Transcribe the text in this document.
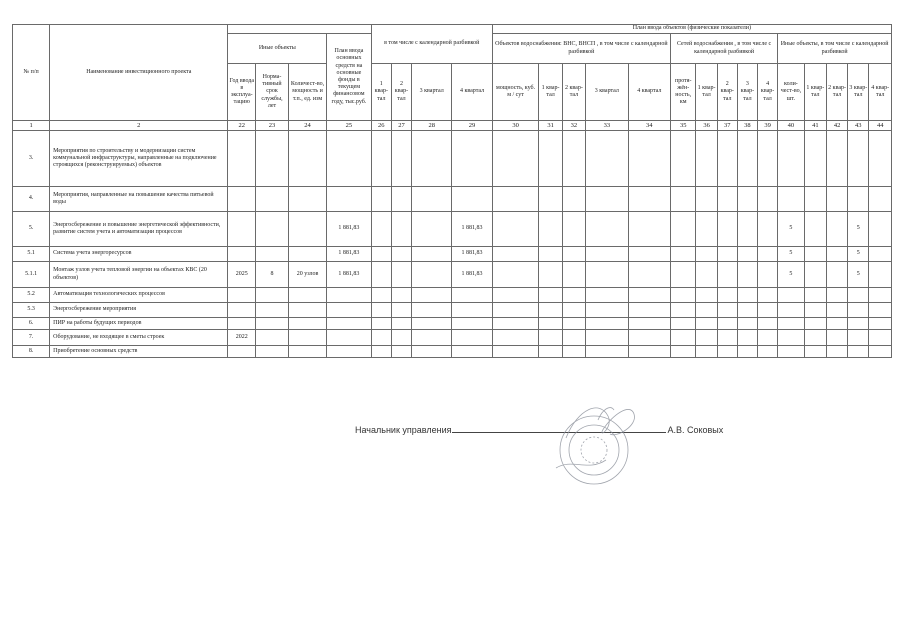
№ п/п	Наименование инвестиционного проекта					в том числе с календарной разбивкой				План ввода объектов (физические показатели)														
		Иные объекты			План ввода основных средств на основные фонды в текущем финансовом году, тыс.руб.					Объектов водоснабжения: ВНС, ВНСП , в том числе с календарной разбивкой					Сетей водоснабжения , в том числе с календарной разбивкой					Иные объекты, в том числе с календарной разбивкой				
		Год ввода в эксплуа-тацию	Норма-тивный срок службы, лет	Количест-во, мощность и т.п., ед. изм		1 квар-тал	2 квар-тал	3 квартал	4 квартал	мощность, куб. м / сут	1 квар-тал	2 квар-тал	3 квартал	4 квартал	протя-жён-ность, км	1 квар-тал	2 квар-тал	3 квар-тал	4 квар-тал	коли-чест-во, шт.	1 квар-тал	2 квар-тал	3 квар-тал	4 квар-тал
1	2	22	23	24	25	26	27	28	29	30	31	32	33	34	35	36	37	38	39	40	41	42	43	44
3.	Мероприятия по строительству и модернизации систем коммунальной инфраструктуры, направленные на подключение строящихся (реконструируемых) объектов																							
4.	Мероприятия, направленные на повышение качества питьевой воды																							
5.	Энергосбережение и повышение энергетической эффективности, развитие систем учета и автоматизации процессов				1 881,83				1 881,83											5			5	
5.1	Система учета энергоресурсов				1 881,83				1 881,83											5			5	
5.1.1	Монтаж узлов учета тепловой энергии на объектах КВС (20 объектов)	2025	8	20 узлов	1 881,83				1 881,83											5			5	
5.2	Автоматизация технологических процессов																							
5.3	Энергосбережение мероприятия																							
6.	ПИР на работы будущих периодов																							
7.	Оборудование, не входящее в сметы строек	2022																						
8.	Приобретение основных средств																							
Начальник управления	А.В. Соковых
